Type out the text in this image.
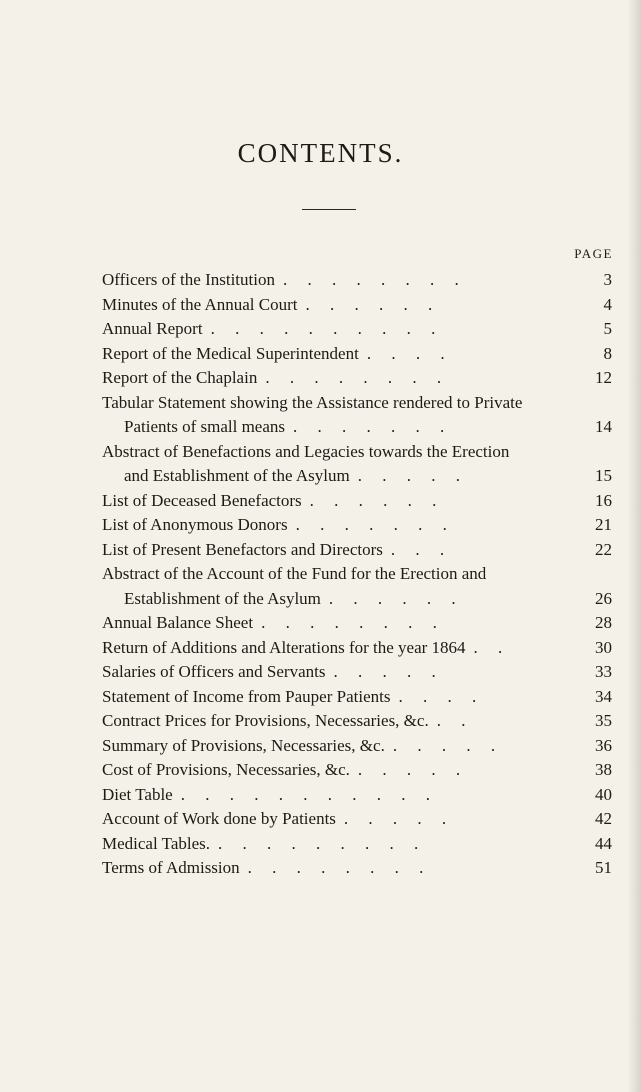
CONTENTS.
PAGE
Officers of the Institution . . . . . . . .	3
Minutes of the Annual Court . . . . . .	4
Annual Report . . . . . . . . . .	5
Report of the Medical Superintendent . . . .	8
Report of the Chaplain . . . . . . . .	12
Tabular Statement showing the Assistance rendered to Private
Patients of small means . . . . . . .	14
Abstract of Benefactions and Legacies towards the Erection
and Establishment of the Asylum . . . . .	15
List of Deceased Benefactors . . . . . .	16
List of Anonymous Donors . . . . . . .	21
List of Present Benefactors and Directors . . .	22
Abstract of the Account of the Fund for the Erection and
Establishment of the Asylum . . . . . .	26
Annual Balance Sheet . . . . . . . .	28
Return of Additions and Alterations for the year 1864 . .	30
Salaries of Officers and Servants . . . . .	33
Statement of Income from Pauper Patients . . . .	34
Contract Prices for Provisions, Necessaries, &c. . .	35
Summary of Provisions, Necessaries, &c. . . . . .	36
Cost of Provisions, Necessaries, &c. . . . . .	38
Diet Table . . . . . . . . . . .	40
Account of Work done by Patients . . . . .	42
Medical Tables. . . . . . . . . .	44
Terms of Admission . . . . . . . .	51
